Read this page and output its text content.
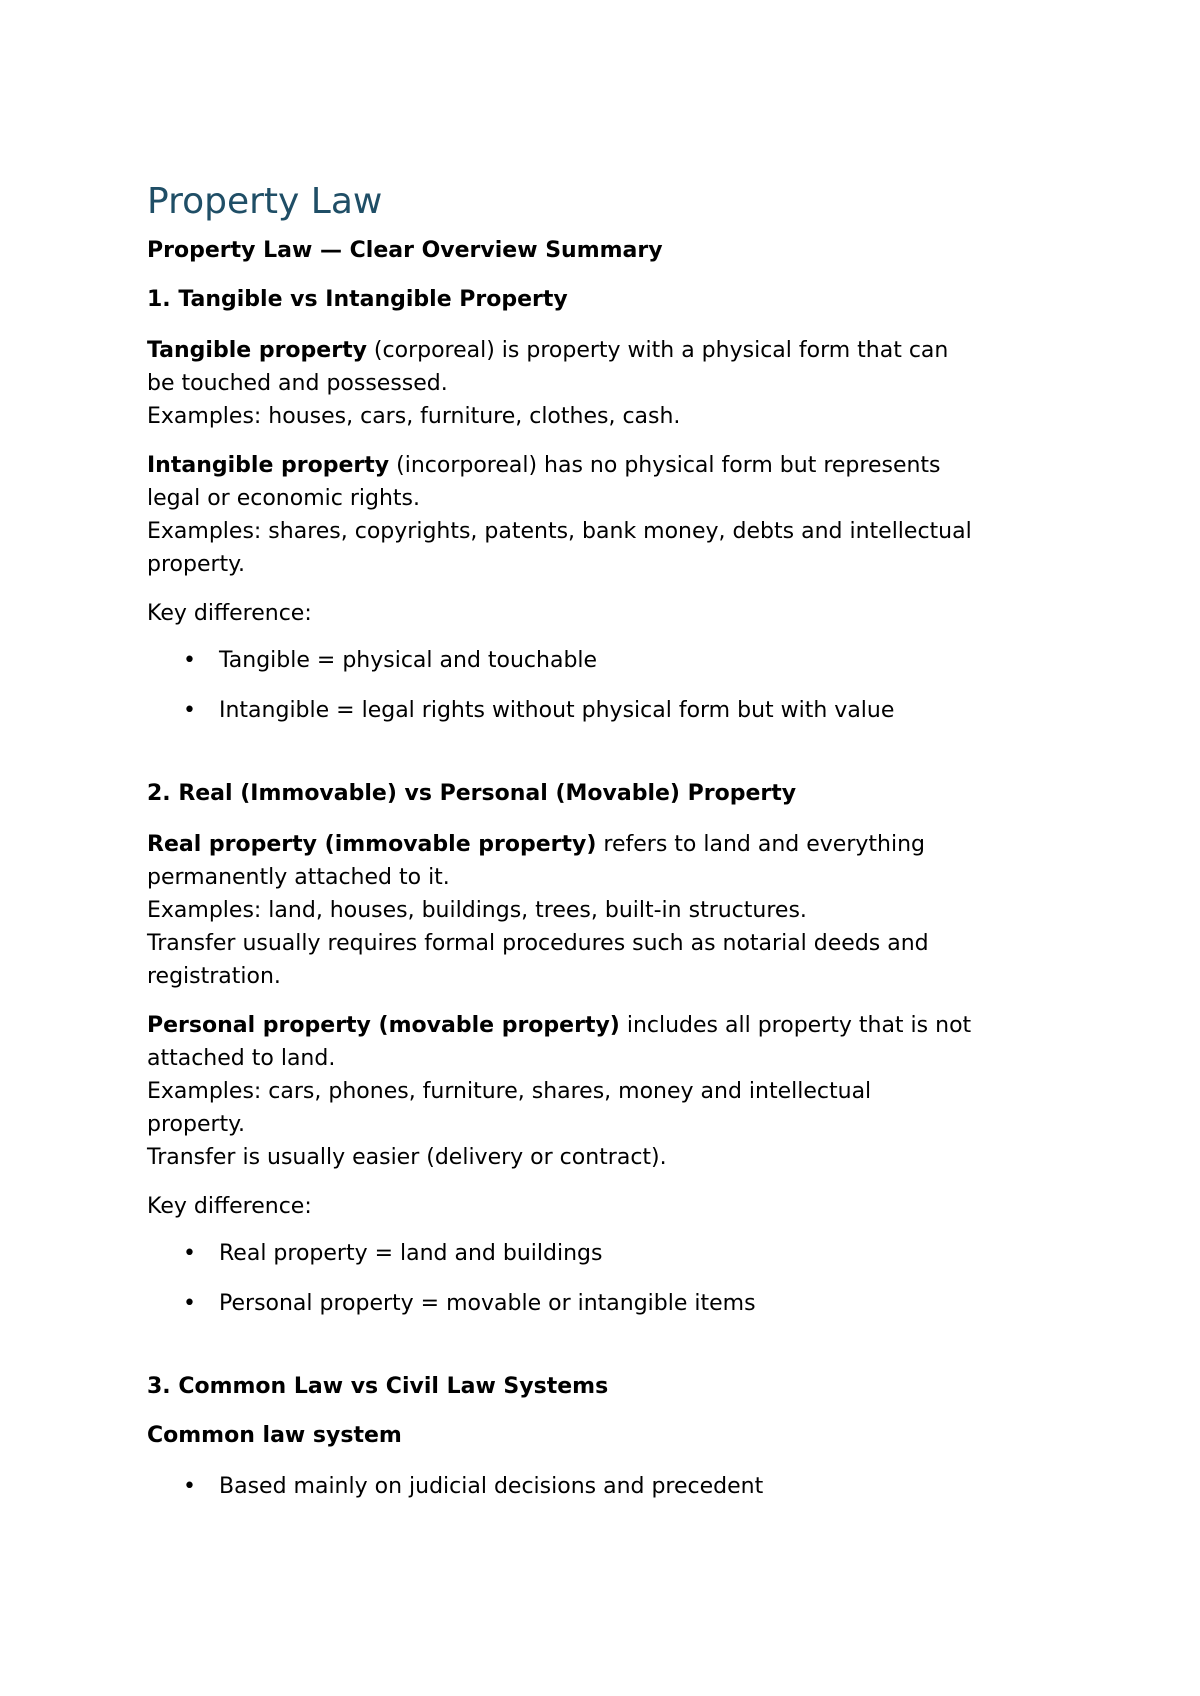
Property Law
Property Law — Clear Overview Summary
1. Tangible vs Intangible Property
Tangible property (corporeal) is property with a physical form that can
be touched and possessed.
Examples: houses, cars, furniture, clothes, cash.
Intangible property (incorporeal) has no physical form but represents
legal or economic rights.
Examples: shares, copyrights, patents, bank money, debts and intellectual
property.
Key difference:
• Tangible = physical and touchable
• Intangible = legal rights without physical form but with value
2. Real (Immovable) vs Personal (Movable) Property
Real property (immovable property) refers to land and everything
permanently attached to it.
Examples: land, houses, buildings, trees, built-in structures.
Transfer usually requires formal procedures such as notarial deeds and
registration.
Personal property (movable property) includes all property that is not
attached to land.
Examples: cars, phones, furniture, shares, money and intellectual
property.
Transfer is usually easier (delivery or contract).
Key difference:
• Real property = land and buildings
• Personal property = movable or intangible items
3. Common Law vs Civil Law Systems
Common law system
• Based mainly on judicial decisions and precedent
